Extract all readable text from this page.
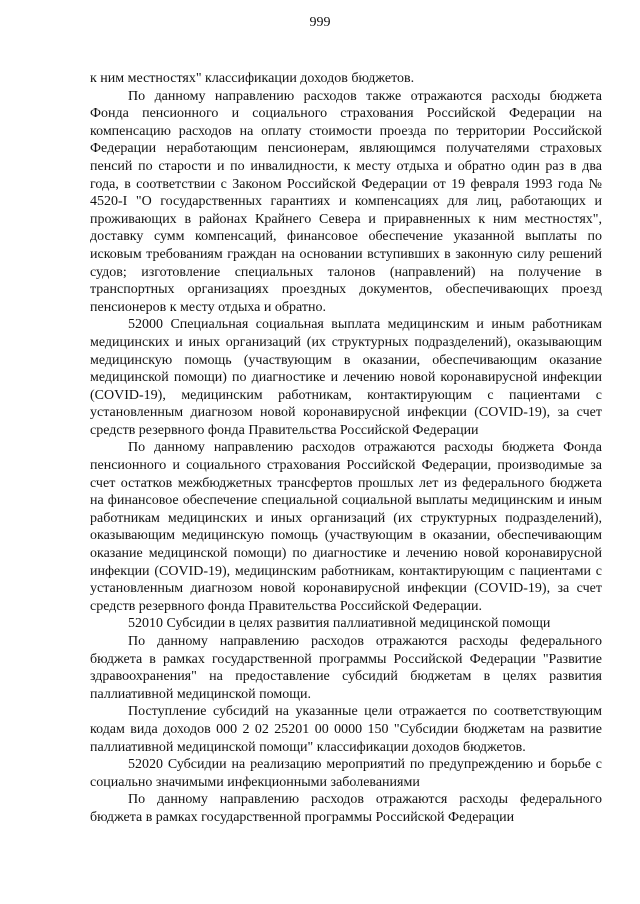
999

к ним местностях" классификации доходов бюджетов.

По данному направлению расходов также отражаются расходы бюджета Фонда пенсионного и социального страхования Российской Федерации на компенсацию расходов на оплату стоимости проезда по территории Российской Федерации неработающим пенсионерам, являющимся получателями страховых пенсий по старости и по инвалидности, к месту отдыха и обратно один раз в два года, в соответствии с Законом Российской Федерации от 19 февраля 1993 года № 4520-I "О государственных гарантиях и компенсациях для лиц, работающих и проживающих в районах Крайнего Севера и приравненных к ним местностях", доставку сумм компенсаций, финансовое обеспечение указанной выплаты по исковым требованиям граждан на основании вступивших в законную силу решений судов; изготовление специальных талонов (направлений) на получение в транспортных организациях проездных документов, обеспечивающих проезд пенсионеров к месту отдыха и обратно.

52000 Специальная социальная выплата медицинским и иным работникам медицинских и иных организаций (их структурных подразделений), оказывающим медицинскую помощь (участвующим в оказании, обеспечивающим оказание медицинской помощи) по диагностике и лечению новой коронавирусной инфекции (COVID-19), медицинским работникам, контактирующим с пациентами с установленным диагнозом новой коронавирусной инфекции (COVID-19), за счет средств резервного фонда Правительства Российской Федерации

По данному направлению расходов отражаются расходы бюджета Фонда пенсионного и социального страхования Российской Федерации, производимые за счет остатков межбюджетных трансфертов прошлых лет из федерального бюджета на финансовое обеспечение специальной социальной выплаты медицинским и иным работникам медицинских и иных организаций (их структурных подразделений), оказывающим медицинскую помощь (участвующим в оказании, обеспечивающим оказание медицинской помощи) по диагностике и лечению новой коронавирусной инфекции (COVID-19), медицинским работникам, контактирующим с пациентами с установленным диагнозом новой коронавирусной инфекции (COVID-19), за счет средств резервного фонда Правительства Российской Федерации.

52010 Субсидии в целях развития паллиативной медицинской помощи

По данному направлению расходов отражаются расходы федерального бюджета в рамках государственной программы Российской Федерации "Развитие здравоохранения" на предоставление субсидий бюджетам в целях развития паллиативной медицинской помощи.

Поступление субсидий на указанные цели отражается по соответствующим кодам вида доходов 000 2 02 25201 00 0000 150 "Субсидии бюджетам на развитие паллиативной медицинской помощи" классификации доходов бюджетов.

52020 Субсидии на реализацию мероприятий по предупреждению и борьбе с социально значимыми инфекционными заболеваниями

По данному направлению расходов отражаются расходы федерального бюджета в рамках государственной программы Российской Федерации
